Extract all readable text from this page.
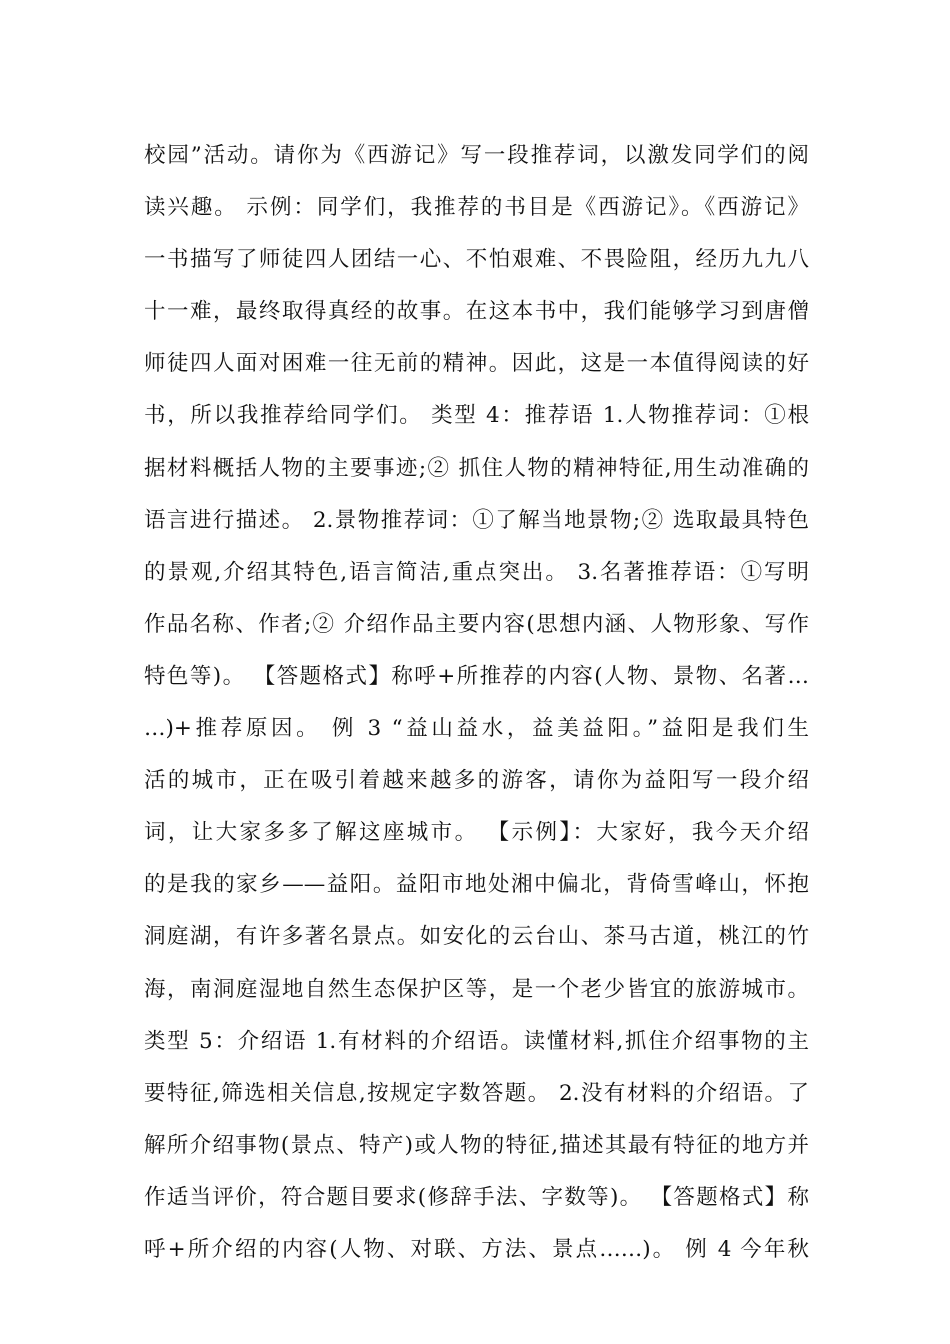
校园”活动。请你为《西游记》写一段推荐词，以激发同学们的阅
读兴趣。 示例：同学们，我推荐的书目是《西游记》。《西游记》
一书描写了师徒四人团结一心、不怕艰难、不畏险阻，经历九九八
十一难，最终取得真经的故事。在这本书中，我们能够学习到唐僧
师徒四人面对困难一往无前的精神。因此，这是一本值得阅读的好
书，所以我推荐给同学们。 类型 4：推荐语 1.人物推荐词：①根
据材料概括人物的主要事迹;② 抓住人物的精神特征,用生动准确的
语言进行描述。 2.景物推荐词：①了解当地景物;② 选取最具特色
的景观,介绍其特色,语言简洁,重点突出。 3.名著推荐语：①写明
作品名称、作者;② 介绍作品主要内容(思想内涵、人物形象、写作
特色等)。 【答题格式】称呼+所推荐的内容(人物、景物、名著…
…)+推荐原因。 例 3 “益山益水，益美益阳。”益阳是我们生
活的城市，正在吸引着越来越多的游客，请你为益阳写一段介绍
词，让大家多多了解这座城市。 【示例】：大家好，我今天介绍
的是我的家乡——益阳。益阳市地处湘中偏北，背倚雪峰山，怀抱
洞庭湖，有许多著名景点。如安化的云台山、茶马古道，桃江的竹
海，南洞庭湿地自然生态保护区等，是一个老少皆宜的旅游城市。
类型 5：介绍语 1.有材料的介绍语。读懂材料,抓住介绍事物的主
要特征,筛选相关信息,按规定字数答题。 2.没有材料的介绍语。了
解所介绍事物(景点、特产)或人物的特征,描述其最有特征的地方并
作适当评价，符合题目要求(修辞手法、字数等)。 【答题格式】称
呼+所介绍的内容(人物、对联、方法、景点……)。 例 4 今年秋
